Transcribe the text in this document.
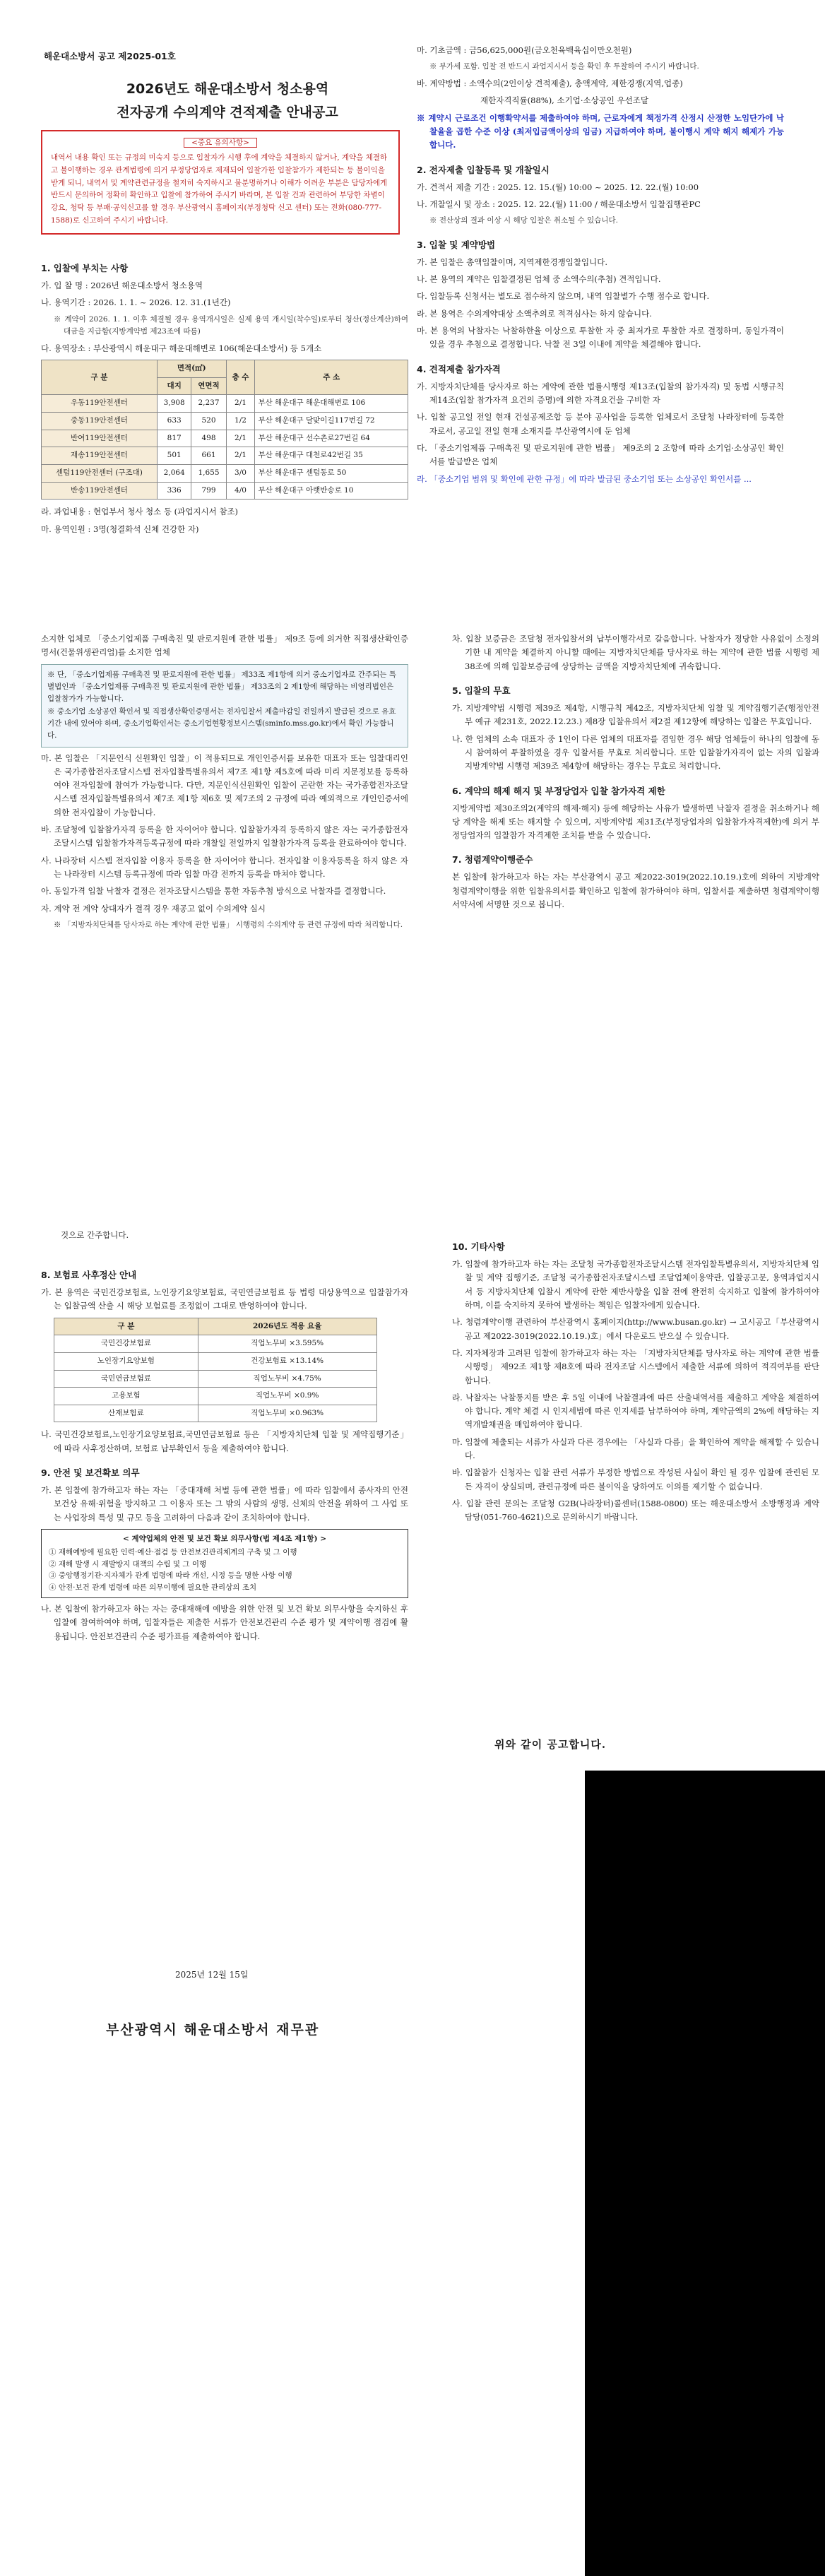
해운대소방서 공고 제2025-01호
2026년도 해운대소방서 청소용역
전자공개 수의계약 견적제출 안내공고
<중요 유의사항>
내역서 내용 확인 또는 규정의 미숙지 등으로 입찰자가 시행 후에 계약을 체결하지 않거나, 계약을 체결하고 불이행하는 경우 관계법령에 의거 부정당업자로 제재되어 입찰가한 입찰참가가 제한되는 등 불이익을 받게 되니, 내역서 및 계약관련규정을 철저히 숙지하시고 불분명하거나 이해가 어려운 부분은 담당자에게 반드시 문의하여 정확히 확인하고 입찰에 참가하여 주시기 바라며, 본 입찰 건과 관련하여 부당한 차별이 강요, 청탁 등 부패·공익신고를 할 경우 부산광역시 홈페이지(부정청탁 신고 센터) 또는 전화(080-777-1588)로 신고하여 주시기 바랍니다.
1. 입찰에 부치는 사항

가. 입 찰 명 : 2026년 해운대소방서 청소용역

나. 용역기간 : 2026. 1. 1. ~ 2026. 12. 31.(1년간)

※ 계약이 2026. 1. 1. 이후 체결될 경우 용역개시일은 실제 용역 개시일(착수일)로부터 청산(정산계산)하여 대금을 지급함(지방계약법 제23조에 따름)

다. 용역장소 : 부산광역시 해운대구 해운대해변로 106(해운대소방서) 등 5개소

구 분	면적(㎡)		층 수	주 소
	대지	연면적		
우동119안전센터	3,908	2,237	2/1	부산 해운대구 해운대해변로 106
중동119안전센터	633	520	1/2	부산 해운대구 달맞이길117번길 72
반여119안전센터	817	498	2/1	부산 해운대구 선수촌로27번길 64
재송119안전센터	501	661	2/1	부산 해운대구 대천로42번길 35
센텀119안전센터 (구조대)	2,064	1,655	3/0	부산 해운대구 센텀동로 50
반송119안전센터	336	799	4/0	부산 해운대구 아랫반송로 10

라. 과업내용 : 현업부서 청사 청소 등 (과업지시서 참조)

마. 용역인원 : 3명(청결화석 신체 건강한 자)

마. 기초금액 : 금56,625,000원(금오천육백육십이만오천원)

※ 부가세 포함. 입찰 전 반드시 과업지시서 등을 확인 후 투찰하여 주시기 바랍니다.

바. 계약방법 : 소액수의(2인이상 견적제출), 총액계약, 제한경쟁(지역,업종)

재한자격직률(88%), 소기업·소상공인 우선조달

※ 계약시 근로조건 이행확약서를 제출하여야 하며, 근로자에게 책정가격 산정시 산정한 노임단가에 낙찰율을 곱한 수준 이상 (최저입금액이상의 임금) 지급하여야 하며, 불이행시 계약 해지 해제가 가능합니다.

2. 전자제출 입찰등록 및 개찰일시

가. 견적서 제출 기간 : 2025. 12. 15.(월) 10:00 ~ 2025. 12. 22.(월) 10:00

나. 개찰일시 및 장소 : 2025. 12. 22.(월) 11:00 / 해운대소방서 입찰집행관PC

※ 전산상의 결과 이상 시 해당 입찰은 취소될 수 있습니다.

3. 입찰 및 계약방법

가. 본 입찰은 총액입찰이며, 지역제한경쟁입찰입니다.

나. 본 용역의 계약은 입찰결정된 업체 중 소액수의(추첨) 견적입니다.

다. 입찰등록 신청서는 별도로 접수하지 않으며, 내역 입찰별가 수행 점수로 합니다.

라. 본 용역은 수의계약대상 소액추의로 적격심사는 하지 않습니다.

마. 본 용역의 낙찰자는 낙찰하한율 이상으로 투찰한 자 중 최저가로 투찰한 자로 결정하며, 동일가격이 있을 경우 추첨으로 결정합니다. 낙찰 전 3일 이내에 계약을 체결해야 합니다.

4. 견적제출 참가자격

가. 지방자치단체를 당사자로 하는 계약에 관한 법률시행령 제13조(입찰의 참가자격) 및 동법 시행규칙 제14조(입찰 참가자격 요건의 증명)에 의한 자격요건을 구비한 자

나. 입찰 공고일 전일 현재 건설공제조합 등 분야 공사업을 등록한 업체로서 조달청 나라장터에 등록한 자로서, 공고일 전일 현재 소재지를 부산광역시에 둔 업체

다. 「중소기업제품 구매촉진 및 판로지원에 관한 법률」 제9조의 2 조항에 따라 소기업·소상공인 확인서를 발급받은 업체

라. 「중소기업 범위 및 확인에 관한 규정」에 따라 발급된 중소기업 또는 소상공인 확인서를 ...

소지한 업체로 「중소기업제품 구매촉진 및 판로지원에 관한 법률」 제9조 등에 의거한 직접생산확인증명서(건물위생관리업)를 소지한 업체

※ 단, 「중소기업제품 구매촉진 및 판로지원에 관한 법률」 제33조 제1항에 의거 중소기업자로 간주되는 특별법인과 「중소기업제품 구매촉진 및 판로지원에 관한 법률」 제33조의 2 제1항에 해당하는 비영리법인은 입찰참가가 가능합니다.
※ 중소기업 소상공인 확인서 및 직접생산확인증명서는 전자입찰서 제출마감일 전일까지 발급된 것으로 유효기간 내에 있어야 하며, 중소기업확인서는 중소기업현황정보시스템(sminfo.mss.go.kr)에서 확인 가능합니다.

마. 본 입찰은 「지문인식 신원확인 입찰」이 적용되므로 개인인증서를 보유한 대표자 또는 입찰대리인은 국가종합전자조달시스템 전자입찰특별유의서 제7조 제1항 제5호에 따라 미리 지문정보를 등록하여야 전자입찰에 참여가 가능합니다. 다만, 지문인식신원확인 입찰이 곤란한 자는 국가종합전자조달시스템 전자입찰특별유의서 제7조 제1항 제6호 및 제7조의 2 규정에 따라 예외적으로 개인인증서에 의한 전자입찰이 가능합니다.

바. 조달청에 입찰참가자격 등록을 한 자이어야 합니다. 입찰참가자격 등록하지 않은 자는 국가종합전자조달시스템 입찰참가자격등록규정에 따라 개찰일 전일까지 입찰참가자격 등록을 완료하여야 합니다.

사. 나라장터 시스템 전자입찰 이용자 등록을 한 자이어야 합니다. 전자입찰 이용자등록을 하지 않은 자는 나라장터 시스템 등록규정에 따라 입찰 마감 전까지 등록을 마쳐야 합니다.

아. 동일가격 입찰 낙찰자 결정은 전자조달시스템을 통한 자동추첨 방식으로 낙찰자를 결정합니다.

자. 계약 전 계약 상대자가 결격 경우 재공고 없이 수의계약 실시

※ 「지방자치단체를 당사자로 하는 계약에 관한 법률」 시행령의 수의계약 등 관련 규정에 따라 처리합니다.

차. 입찰 보증금은 조달청 전자입찰서의 납부이행각서로 갈음합니다. 낙찰자가 정당한 사유없이 소정의 기한 내 계약을 체결하지 아니할 때에는 지방자치단체를 당사자로 하는 계약에 관한 법률 시행령 제38조에 의해 입찰보증금에 상당하는 금액을 지방자치단체에 귀속합니다.

5. 입찰의 무효

가. 지방계약법 시행령 제39조 제4항, 시행규칙 제42조, 지방자치단체 입찰 및 계약집행기준(행정안전부 예규 제231호, 2022.12.23.) 제8장 입찰유의서 제2절 제12항에 해당하는 입찰은 무효입니다.

나. 한 업체의 소속 대표자 중 1인이 다른 업체의 대표자를 겸임한 경우 해당 업체들이 하나의 입찰에 동시 참여하여 투찰하였을 경우 입찰서를 무효로 처리합니다. 또한 입찰참가자격이 없는 자의 입찰과 지방계약법 시행령 제39조 제4항에 해당하는 경우는 무효로 처리합니다.

6. 계약의 해제 해지 및 부정당업자 입찰 참가자격 제한

지방계약법 제30조의2(계약의 해제·해지) 등에 해당하는 사유가 발생하면 낙찰자 결정을 취소하거나 해당 계약을 해제 또는 해지할 수 있으며, 지방계약법 제31조(부정당업자의 입찰참가자격제한)에 의거 부정당업자의 입찰참가 자격제한 조치를 받을 수 있습니다.

7. 청렴계약이행준수

본 입찰에 참가하고자 하는 자는 부산광역시 공고 제2022-3019(2022.10.19.)호에 의하여 지방계약 청렴계약이행을 위한 입찰유의서를 확인하고 입찰에 참가하여야 하며, 입찰서를 제출하면 청렴계약이행서약서에 서명한 것으로 봅니다.

것으로 간주합니다.
8. 보험료 사후정산 안내

가. 본 용역은 국민건강보험료, 노인장기요양보험료, 국민연금보험료 등 법령 대상용역으로 입찰참가자는 입찰금액 산출 시 해당 보험료를 조정없이 그대로 반영하여야 합니다.

구 분	2026년도 적용 요율
국민건강보험료	직업노무비 ×3.595%
노인장기요양보험	건강보험료 ×13.14%
국민연금보험료	직업노무비 ×4.75%
고용보험	직업노무비 ×0.9%
산재보험료	직업노무비 ×0.963%

나. 국민건강보험료,노인장기요양보험료,국민연금보험료 등은 「지방자치단체 입찰 및 계약집행기준」에 따라 사후정산하며, 보험료 납부확인서 등을 제출하여야 합니다.

9. 안전 및 보건확보 의무

가. 본 입찰에 참가하고자 하는 자는 「중대재해 처벌 등에 관한 법률」에 따라 입찰에서 종사자의 안전보건상 유해·위험을 방지하고 그 이용자 또는 그 밖의 사람의 생명, 신체의 안전을 위하여 그 사업 또는 사업장의 특성 및 규모 등을 고려하여 다음과 같이 조치하여야 합니다.

< 계약업체의 안전 및 보건 확보 의무사항(법 제4조 제1항) >
① 재해예방에 필요한 인력·예산·점검 등 안전보건관리체계의 구축 및 그 이행
② 재해 발생 시 재발방지 대책의 수립 및 그 이행
③ 중앙행정기관·지자체가 관계 법령에 따라 개선, 시정 등을 명한 사항 이행
④ 안전·보건 관계 법령에 따른 의무이행에 필요한 관리상의 조치

나. 본 입찰에 참가하고자 하는 자는 중대재해에 예방을 위한 안전 및 보건 확보 의무사항을 숙지하신 후 입찰에 참여하여야 하며, 입찰자들은 제출한 서류가 안전보건관리 수준 평가 및 계약이행 점검에 활용됩니다. 안전보건관리 수준 평가표를 제출하여야 합니다.

10. 기타사항

가. 입찰에 참가하고자 하는 자는 조달청 국가종합전자조달시스템 전자입찰특별유의서, 지방자치단체 입찰 및 계약 집행기준, 조달청 국가종합전자조달시스템 조달업체이용약관, 입찰공고문, 용역과업지시서 등 지방자치단체 입찰시 계약에 관한 제반사항을 입찰 전에 완전히 숙지하고 입찰에 참가하여야 하며, 이를 숙지하지 못하여 발생하는 책임은 입찰자에게 있습니다.

나. 청렴계약이행 관련하여 부산광역시 홈페이지(http://www.busan.go.kr) → 고시공고「부산광역시 공고 제2022-3019(2022.10.19.)호」에서 다운로드 받으실 수 있습니다.

다. 지자체장과 고려된 입찰에 참가하고자 하는 자는 「지방자치단체를 당사자로 하는 계약에 관한 법률 시행령」 제92조 제1항 제8호에 따라 전자조달 시스템에서 제출한 서류에 의하여 적격여부를 판단합니다.

라. 낙찰자는 낙찰통지를 받은 후 5일 이내에 낙찰결과에 따른 산출내역서를 제출하고 계약을 체결하여야 합니다. 계약 체결 시 인지세법에 따른 인지세를 납부하여야 하며, 계약금액의 2%에 해당하는 지역개발채권을 매입하여야 합니다.

마. 입찰에 제출되는 서류가 사실과 다른 경우에는 「사실과 다름」을 확인하여 계약을 해제할 수 있습니다.

바. 입찰참가 신청자는 입찰 관련 서류가 부정한 방법으로 작성된 사실이 확인 될 경우 입찰에 관련된 모든 자격이 상실되며, 관련규정에 따른 불이익을 당하여도 이의를 제기할 수 없습니다.

사. 입찰 관련 문의는 조달청 G2B(나라장터)콜센터(1588-0800) 또는 해운대소방서 소방행정과 계약 담당(051-760-4621)으로 문의하시기 바랍니다.

위와 같이 공고합니다.
2025년 12월 15일
부산광역시 해운대소방서 재무관
